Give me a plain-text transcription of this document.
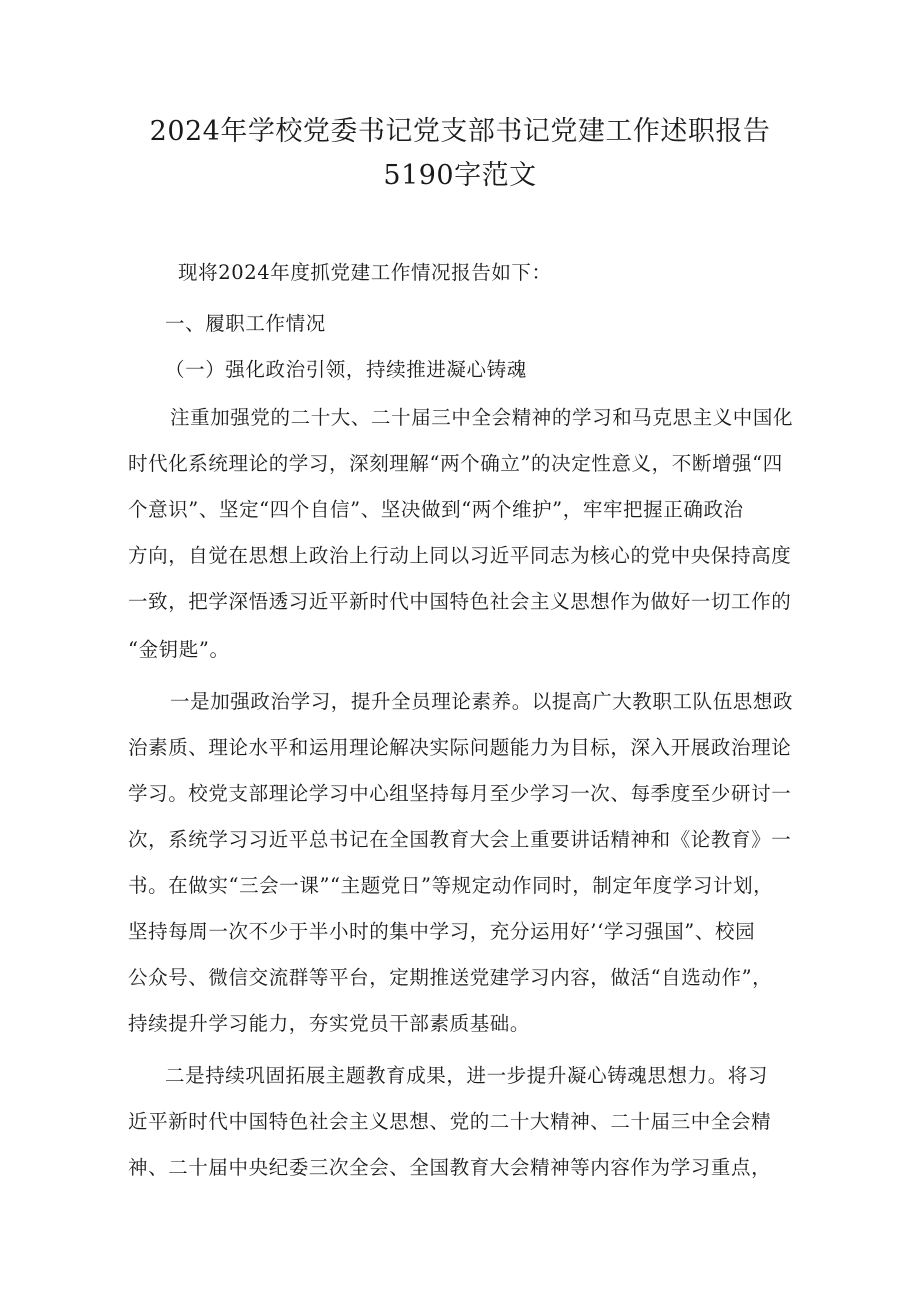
2024年学校党委书记党支部书记党建工作述职报告
5190字范文
现将2024年度抓党建工作情况报告如下：
一、履职工作情况
（一）强化政治引领，持续推进凝心铸魂
注重加强党的二十大、二十届三中全会精神的学习和马克思主义中国化
时代化系统理论的学习，深刻理解“两个确立”的决定性意义，不断增强“四
个意识”、坚定“四个自信”、坚决做到“两个维护”，牢牢把握正确政治
方向，自觉在思想上政治上行动上同以习近平同志为核心的党中央保持高度
一致，把学深悟透习近平新时代中国特色社会主义思想作为做好一切工作的
“金钥匙”。
一是加强政治学习，提升全员理论素养。以提高广大教职工队伍思想政
治素质、理论水平和运用理论解决实际问题能力为目标，深入开展政治理论
学习。校党支部理论学习中心组坚持每月至少学习一次、每季度至少研讨一
次，系统学习习近平总书记在全国教育大会上重要讲话精神和《论教育》一
书。在做实“三会一课”“主题党日”等规定动作同时，制定年度学习计划，
坚持每周一次不少于半小时的集中学习，充分运用好’‘学习强国”、校园
公众号、微信交流群等平台，定期推送党建学习内容，做活“自选动作”，
持续提升学习能力，夯实党员干部素质基础。
二是持续巩固拓展主题教育成果，进一步提升凝心铸魂思想力。将习
近平新时代中国特色社会主义思想、党的二十大精神、二十届三中全会精
神、二十届中央纪委三次全会、全国教育大会精神等内容作为学习重点，
